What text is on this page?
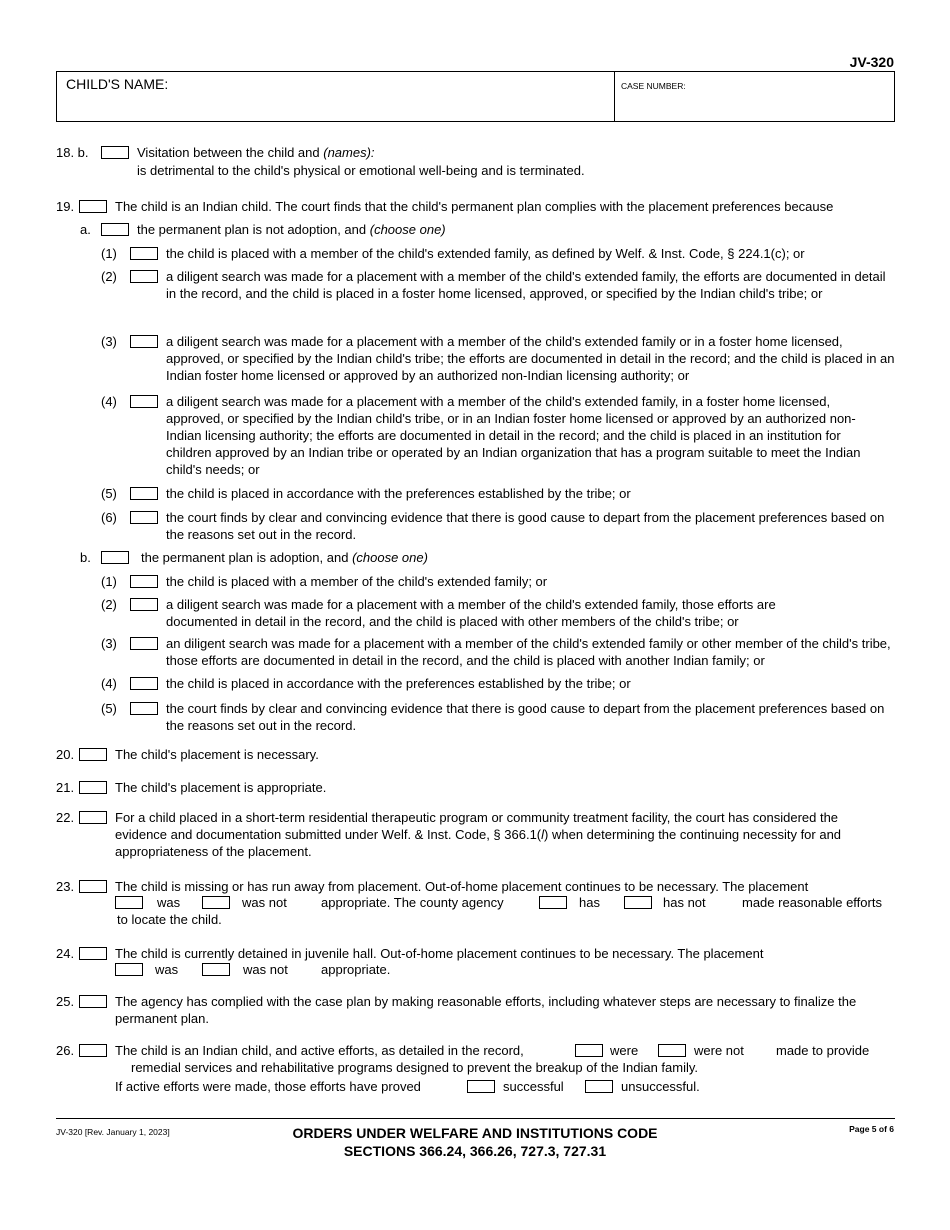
JV-320
CHILD'S NAME:	CASE NUMBER:
18. b.	Visitation between the child and (names):
is detrimental to the child's physical or emotional well-being and is terminated.
19.	The child is an Indian child. The court finds that the child's permanent plan complies with the placement preferences because
a.	the permanent plan is not adoption, and (choose one)
(1)	the child is placed with a member of the child's extended family, as defined by Welf. & Inst. Code, § 224.1(c); or
(2)	a diligent search was made for a placement with a member of the child's extended family, the efforts are documented in detail in the record, and the child is placed in a foster home licensed, approved, or specified by the Indian child's tribe; or
(3)	a diligent search was made for a placement with a member of the child's extended family or in a foster home licensed, approved, or specified by the Indian child's tribe; the efforts are documented in detail in the record; and the child is placed in an Indian foster home licensed or approved by an authorized non-Indian licensing authority; or
(4)	a diligent search was made for a placement with a member of the child's extended family, in a foster home licensed, approved, or specified by the Indian child's tribe, or in an Indian foster home licensed or approved by an authorized non-Indian licensing authority; the efforts are documented in detail in the record; and the child is placed in an institution for children approved by an Indian tribe or operated by an Indian organization that has a program suitable to meet the Indian child's needs; or
(5)	the child is placed in accordance with the preferences established by the tribe; or
(6)	the court finds by clear and convincing evidence that there is good cause to depart from the placement preferences based on the reasons set out in the record.
b.	the permanent plan is adoption, and (choose one)
(1)	the child is placed with a member of the child's extended family; or
(2)	a diligent search was made for a placement with a member of the child's extended family, those efforts are documented in detail in the record, and the child is placed with other members of the child's tribe; or
(3)	an diligent search was made for a placement with a member of the child's extended family or other member of the child's tribe, those efforts are documented in detail in the record, and the child is placed with another Indian family; or
(4)	the child is placed in accordance with the preferences established by the tribe; or
(5)	the court finds by clear and convincing evidence that there is good cause to depart from the placement preferences based on the reasons set out in the record.
20.	The child's placement is necessary.
21.	The child's placement is appropriate.
22.	For a child placed in a short-term residential therapeutic program or community treatment facility, the court has considered the evidence and documentation submitted under Welf. & Inst. Code, § 366.1(l) when determining the continuing necessity for and appropriateness of the placement.
23.	The child is missing or has run away from placement. Out-of-home placement continues to be necessary. The placement
was	was not	appropriate. The county agency	has	has not	made reasonable efforts
to locate the child.
24.	The child is currently detained in juvenile hall. Out-of-home placement continues to be necessary. The placement
was	was not	appropriate.
25.	The agency has complied with the case plan by making reasonable efforts, including whatever steps are necessary to finalize the permanent plan.
26.	The child is an Indian child, and active efforts, as detailed in the record,	were	were not made to provide
remedial services and rehabilitative programs designed to prevent the breakup of the Indian family.
If active efforts were made, those efforts have proved	successful	unsuccessful.
JV-320 [Rev. January 1, 2023]	ORDERS UNDER WELFARE AND INSTITUTIONS CODE
SECTIONS 366.24, 366.26, 727.3, 727.31
Page 5 of 6
